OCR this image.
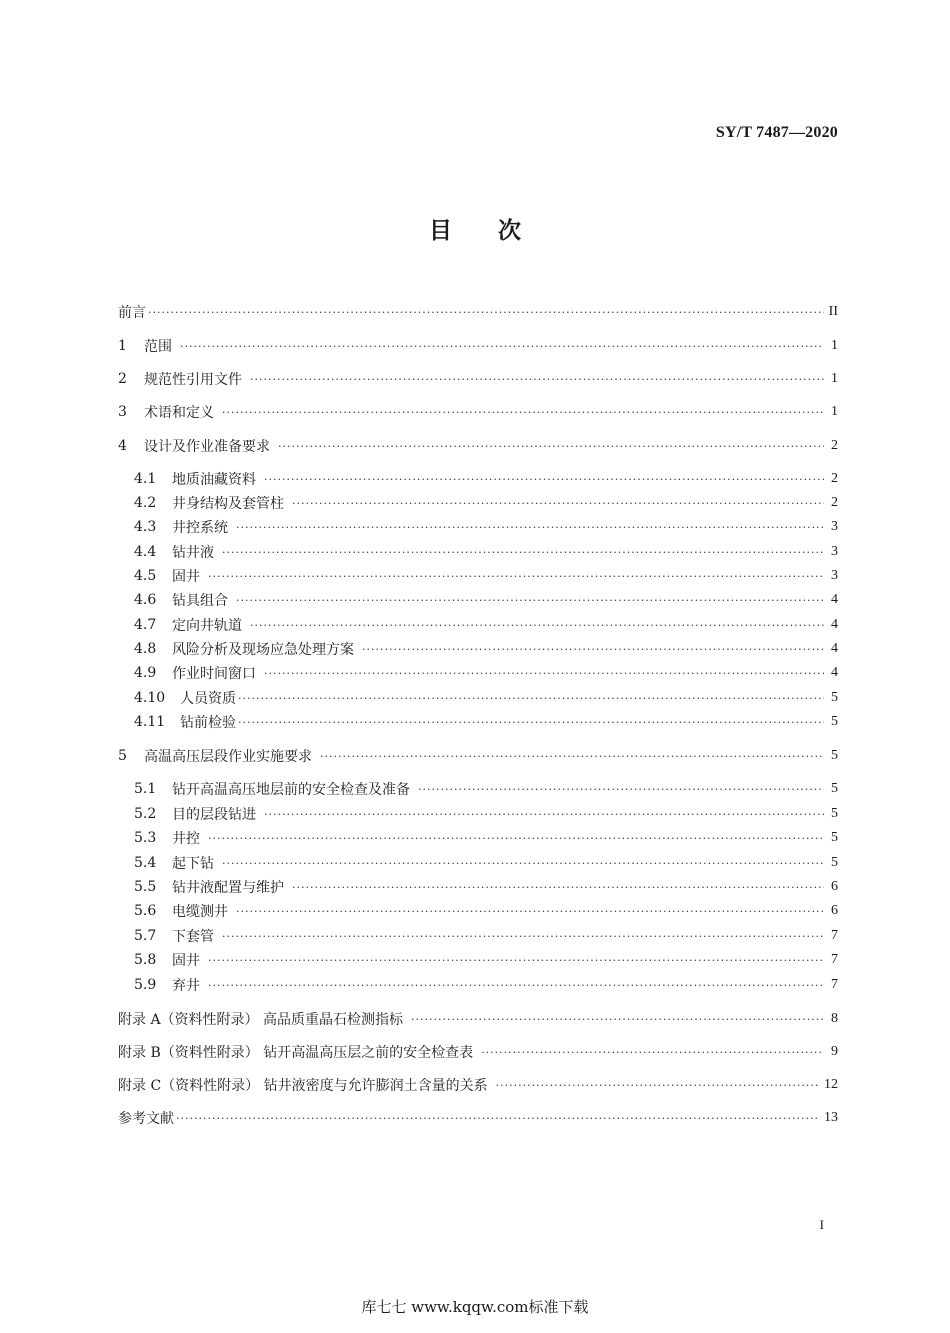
SY/T 7487—2020
目次
前言 ·····	II
1	范围 ·····	1
2	规范性引用文件 ·····	1
3	术语和定义 ·····	1
4	设计及作业准备要求 ·····	2
4.1	地质油藏资料 ·····	2
4.2	井身结构及套管柱 ·····	2
4.3	井控系统 ·····	3
4.4	钻井液 ·····	3
4.5	固井 ·····	3
4.6	钻具组合 ·····	4
4.7	定向井轨道 ·····	4
4.8	风险分析及现场应急处理方案 ·····	4
4.9	作业时间窗口 ·····	4
4.10	人员资质 ·····	5
4.11	钻前检验 ·····	5
5	高温高压层段作业实施要求 ·····	5
5.1	钻开高温高压地层前的安全检查及准备 ·····	5
5.2	目的层段钻进 ·····	5
5.3	井控 ·····	5
5.4	起下钻 ·····	5
5.5	钻井液配置与维护 ·····	6
5.6	电缆测井 ·····	6
5.7	下套管 ·····	7
5.8	固井 ·····	7
5.9	弃井 ·····	7
附录 A（资料性附录） 高品质重晶石检测指标 ·····	8
附录 B（资料性附录） 钻开高温高压层之前的安全检查表 ·····	9
附录 C（资料性附录） 钻井液密度与允许膨润土含量的关系 ·····	12
参考文献 ·····	13
I
库七七 www.kqqw.com标准下载
